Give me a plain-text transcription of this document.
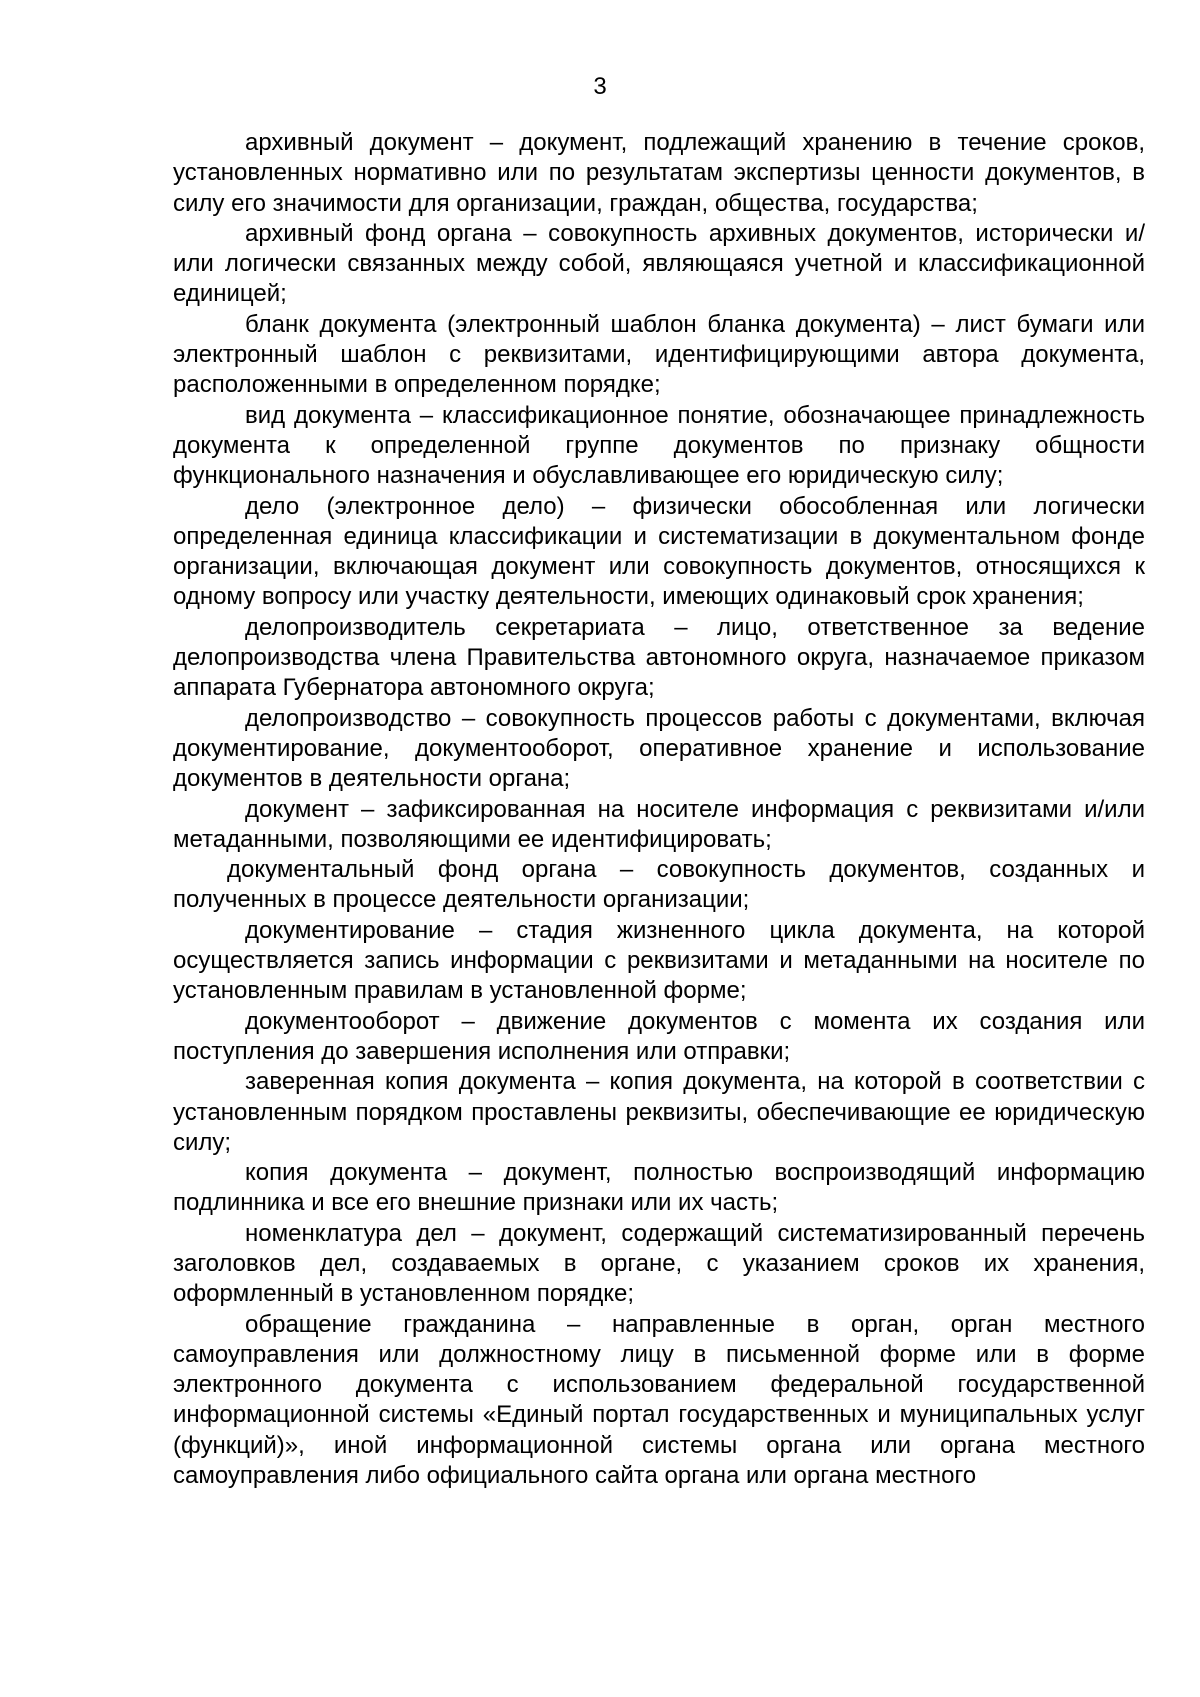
3

архивный документ – документ, подлежащий хранению в течение сроков, установленных нормативно или по результатам экспертизы ценности документов, в силу его значимости для организации, граждан, общества, государства;

архивный фонд органа – совокупность архивных документов, исторически и/или логически связанных между собой, являющаяся учетной и классификационной единицей;

бланк документа (электронный шаблон бланка документа) – лист бумаги или электронный шаблон с реквизитами, идентифицирующими автора документа, расположенными в определенном порядке;

вид документа – классификационное понятие, обозначающее принадлежность документа к определенной группе документов по признаку общности функционального назначения и обуславливающее его юридическую силу;

дело (электронное дело) – физически обособленная или логически определенная единица классификации и систематизации в документальном фонде организации, включающая документ или совокупность документов, относящихся к одному вопросу или участку деятельности, имеющих одинаковый срок хранения;

делопроизводитель секретариата – лицо, ответственное за ведение делопроизводства члена Правительства автономного округа, назначаемое приказом аппарата Губернатора автономного округа;

делопроизводство – совокупность процессов работы с документами, включая документирование, документооборот, оперативное хранение и использование документов в деятельности органа;

документ – зафиксированная на носителе информация с реквизитами и/или метаданными, позволяющими ее идентифицировать;

документальный фонд органа – совокупность документов, созданных и полученных в процессе деятельности организации;

документирование – стадия жизненного цикла документа, на которой осуществляется запись информации с реквизитами и метаданными на носителе по установленным правилам в установленной форме;

документооборот – движение документов с момента их создания или поступления до завершения исполнения или отправки;

заверенная копия документа – копия документа, на которой в соответствии с установленным порядком проставлены реквизиты, обеспечивающие ее юридическую силу;

копия документа – документ, полностью воспроизводящий информацию подлинника и все его внешние признаки или их часть;

номенклатура дел – документ, содержащий систематизированный перечень заголовков дел, создаваемых в органе, с указанием сроков их хранения, оформленный в установленном порядке;

обращение гражданина – направленные в орган, орган местного самоуправления или должностному лицу в письменной форме или в форме электронного документа с использованием федеральной государственной информационной системы «Единый портал государственных и муниципальных услуг (функций)», иной информационной системы органа или органа местного самоуправления либо официального сайта органа или органа местного
